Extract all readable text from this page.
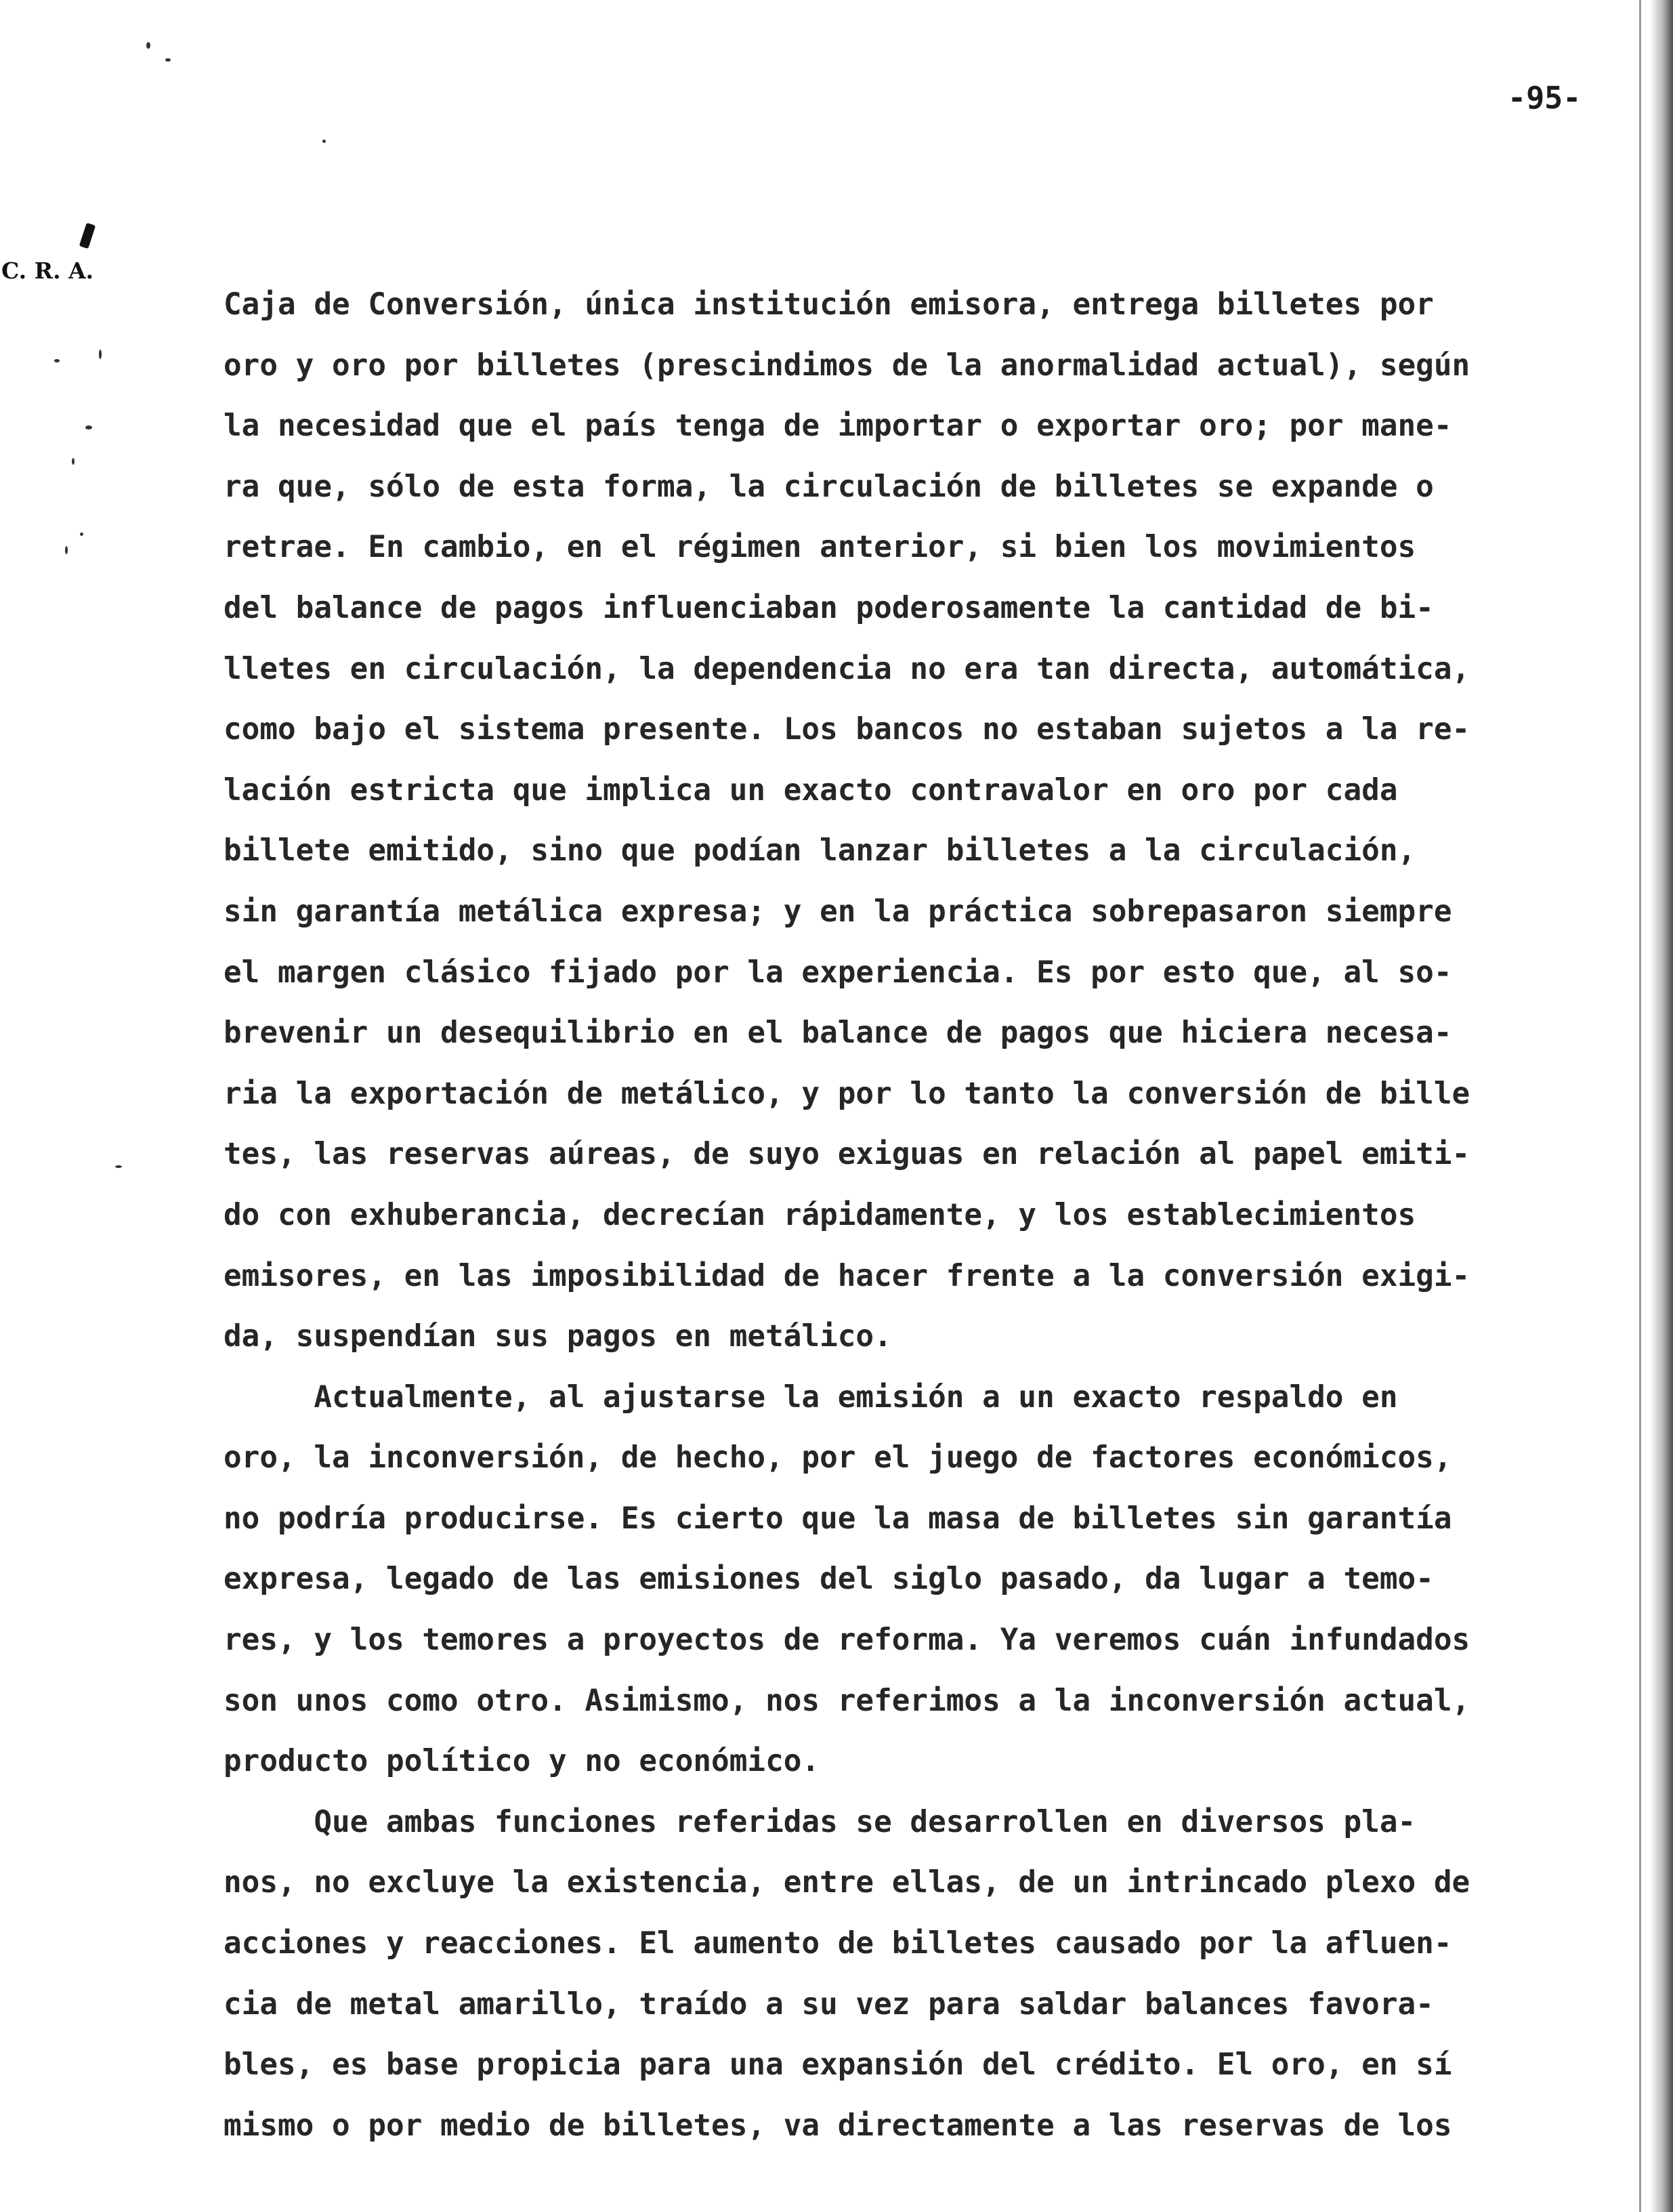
-95-
C. R. A.
Caja de Conversión, única institución emisora, entrega billetes por
oro y oro por billetes (prescindimos de la anormalidad actual), según
la necesidad que el país tenga de importar o exportar oro; por mane-
ra que, sólo de esta forma, la circulación de billetes se expande o
retrae. En cambio, en el régimen anterior, si bien los movimientos
del balance de pagos influenciaban poderosamente la cantidad de bi-
lletes en circulación, la dependencia no era tan directa, automática,
como bajo el sistema presente. Los bancos no estaban sujetos a la re-
lación estricta que implica un exacto contravalor en oro por cada
billete emitido, sino que podían lanzar billetes a la circulación,
sin garantía metálica expresa; y en la práctica sobrepasaron siempre
el margen clásico fijado por la experiencia. Es por esto que, al so-
brevenir un desequilibrio en el balance de pagos que hiciera necesa-
ria la exportación de metálico, y por lo tanto la conversión de bille
tes, las reservas aúreas, de suyo exiguas en relación al papel emiti-
do con exhuberancia, decrecían rápidamente, y los establecimientos
emisores, en las imposibilidad de hacer frente a la conversión exigi-
da, suspendían sus pagos en metálico.
Actualmente, al ajustarse la emisión a un exacto respaldo en
oro, la inconversión, de hecho, por el juego de factores económicos,
no podría producirse. Es cierto que la masa de billetes sin garantía
expresa, legado de las emisiones del siglo pasado, da lugar a temo-
res, y los temores a proyectos de reforma. Ya veremos cuán infundados
son unos como otro. Asimismo, nos referimos a la inconversión actual,
producto político y no económico.
Que ambas funciones referidas se desarrollen en diversos pla-
nos, no excluye la existencia, entre ellas, de un intrincado plexo de
acciones y reacciones. El aumento de billetes causado por la afluen-
cia de metal amarillo, traído a su vez para saldar balances favora-
bles, es base propicia para una expansión del crédito. El oro, en sí
mismo o por medio de billetes, va directamente a las reservas de los
